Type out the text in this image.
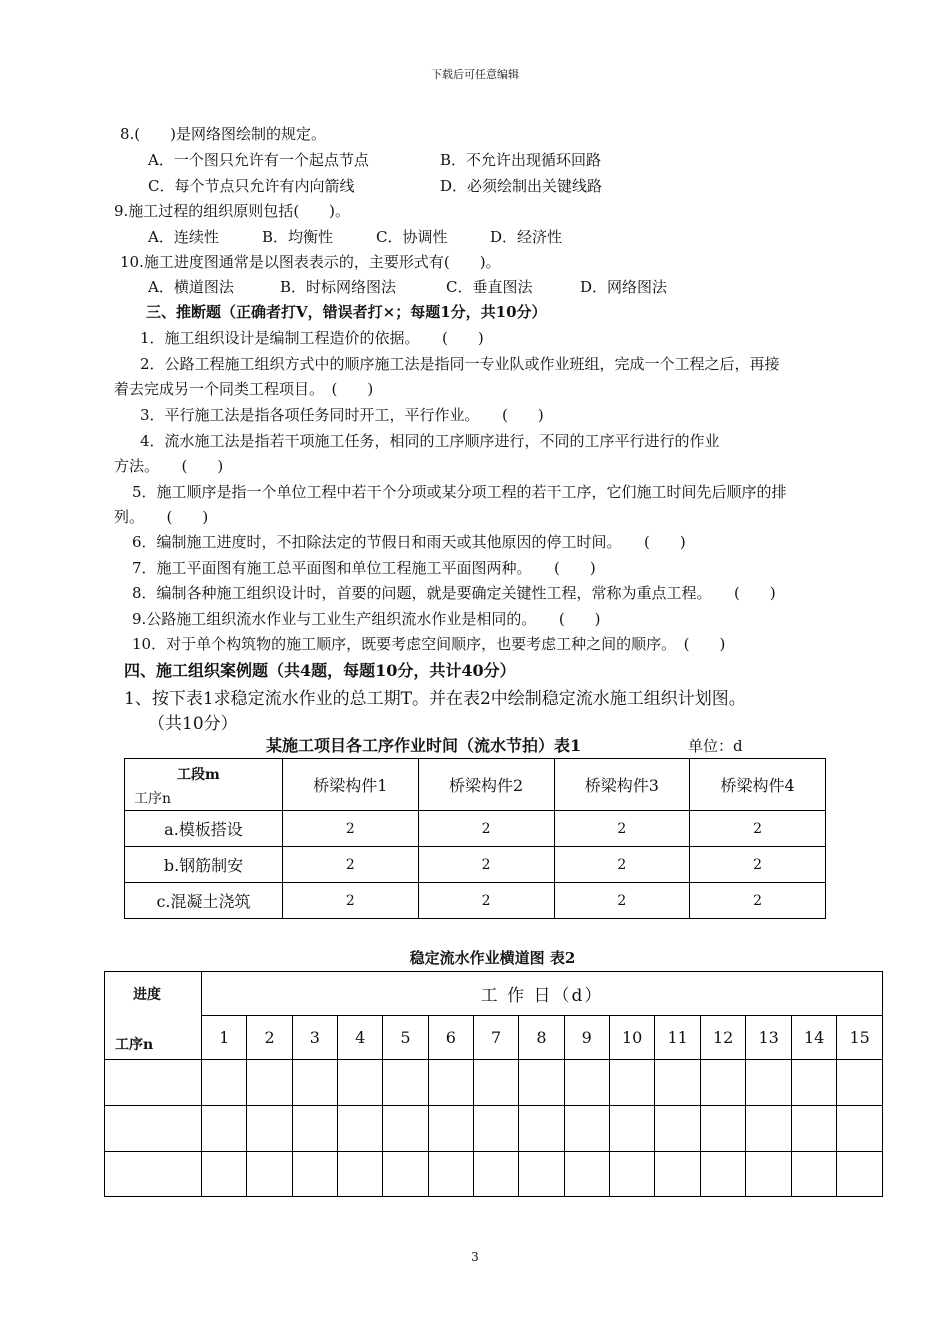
下载后可任意编辑
8.(　　)是网络图绘制的规定。
A．一个图只允许有一个起点节点	B．不允许出现循环回路
C．每个节点只允许有内向箭线	D．必须绘制出关键线路
9.施工过程的组织原则包括(　　)。
A．连续性	B．均衡性	C．协调性	D．经济性
10.施工进度图通常是以图表表示的，主要形式有(　　)。
A．横道图法	B．时标网络图法	C．垂直图法	D．网络图法
三、推断题（正确者打V，错误者打×；每题1分，共10分）
1．施工组织设计是编制工程造价的依据。　　(　　)
2．公路工程施工组织方式中的顺序施工法是指同一专业队或作业班组，完成一个工程之后，再接
着去完成另一个同类工程项目。　(　　)
3．平行施工法是指各项任务同时开工，平行作业。　　(　　)
4．流水施工法是指若干项施工任务，相同的工序顺序进行，不同的工序平行进行的作业
方法。　　(　　)
5．施工顺序是指一个单位工程中若干个分项或某分项工程的若干工序，它们施工时间先后顺序的排
列。　　(　　)
6．编制施工进度时，不扣除法定的节假日和雨天或其他原因的停工时间。　　(　　)
7．施工平面图有施工总平面图和单位工程施工平面图两种。　　(　　)
8．编制各种施工组织设计时，首要的问题，就是要确定关键性工程，常称为重点工程。　　(　　)
9.公路施工组织流水作业与工业生产组织流水作业是相同的。　　(　　)
10．对于单个构筑物的施工顺序，既要考虑空间顺序，也要考虑工种之间的顺序。　(　　)
四、施工组织案例题（共4题，每题10分，共计40分）
1、按下表1求稳定流水作业的总工期T。并在表2中绘制稳定流水施工组织计划图。
（共10分）
某施工项目各工序作业时间（流水节拍）表1	单位：d
工段m
工序n	桥梁构件1	桥梁构件2	桥梁构件3	桥梁构件4
a.模板搭设	2	2	2	2
b.钢筋制安	2	2	2	2
c.混凝土浇筑	2	2	2	2
稳定流水作业横道图 表2
进度
工序n	工 作 日（d）														
	1	2	3	4	5	6	7	8	9	10	11	12	13	14	15

3
